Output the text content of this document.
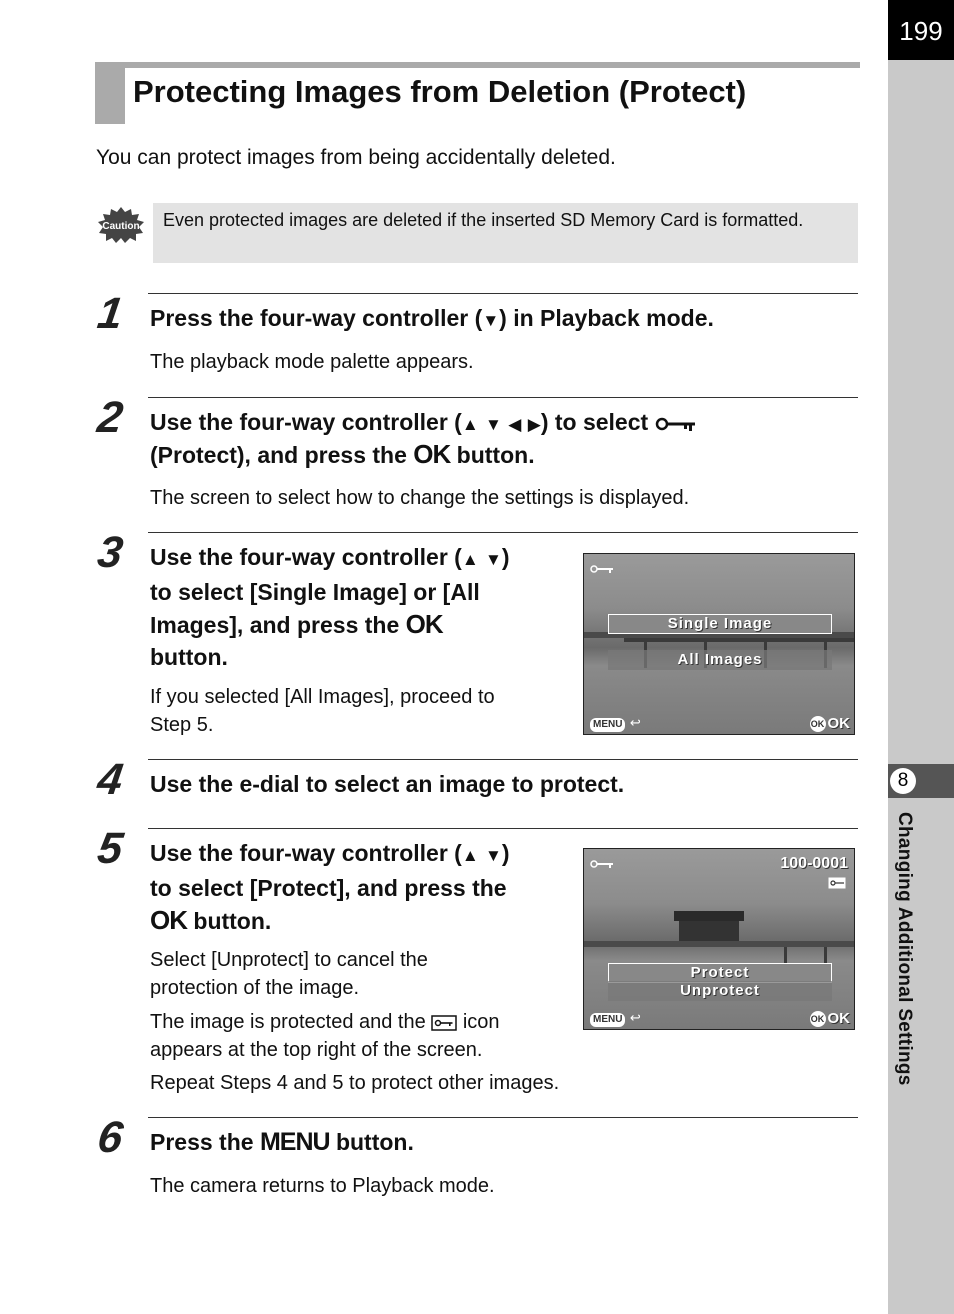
199
8
Changing Additional Settings
Protecting Images from Deletion (Protect)
You can protect images from being accidentally deleted.
Caution Even protected images are deleted if the inserted SD Memory Card is formatted.
1 Press the four-way controller (▼) in Playback mode.
The playback mode palette appears.
2 Use the four-way controller (▲ ▼ ◀ ▶) to select
(Protect), and press the OK button.
The screen to select how to change the settings is displayed.
3 Use the four-way controller (▲ ▼)
to select [Single Image] or [All
Images], and press the OK
button.
If you selected [All Images], proceed to
Step 5.
Single Image
All Images
MENU ↩	OK OK
4 Use the e-dial to select an image to protect.
5 Use the four-way controller (▲ ▼)
to select [Protect], and press the
OK button.
Select [Unprotect] to cancel the
protection of the image.
The image is protected and the icon
appears at the top right of the screen.
Repeat Steps 4 and 5 to protect other images.
100-0001
Protect
Unprotect
MENU ↩	OK OK
6 Press the MENU button.
The camera returns to Playback mode.
